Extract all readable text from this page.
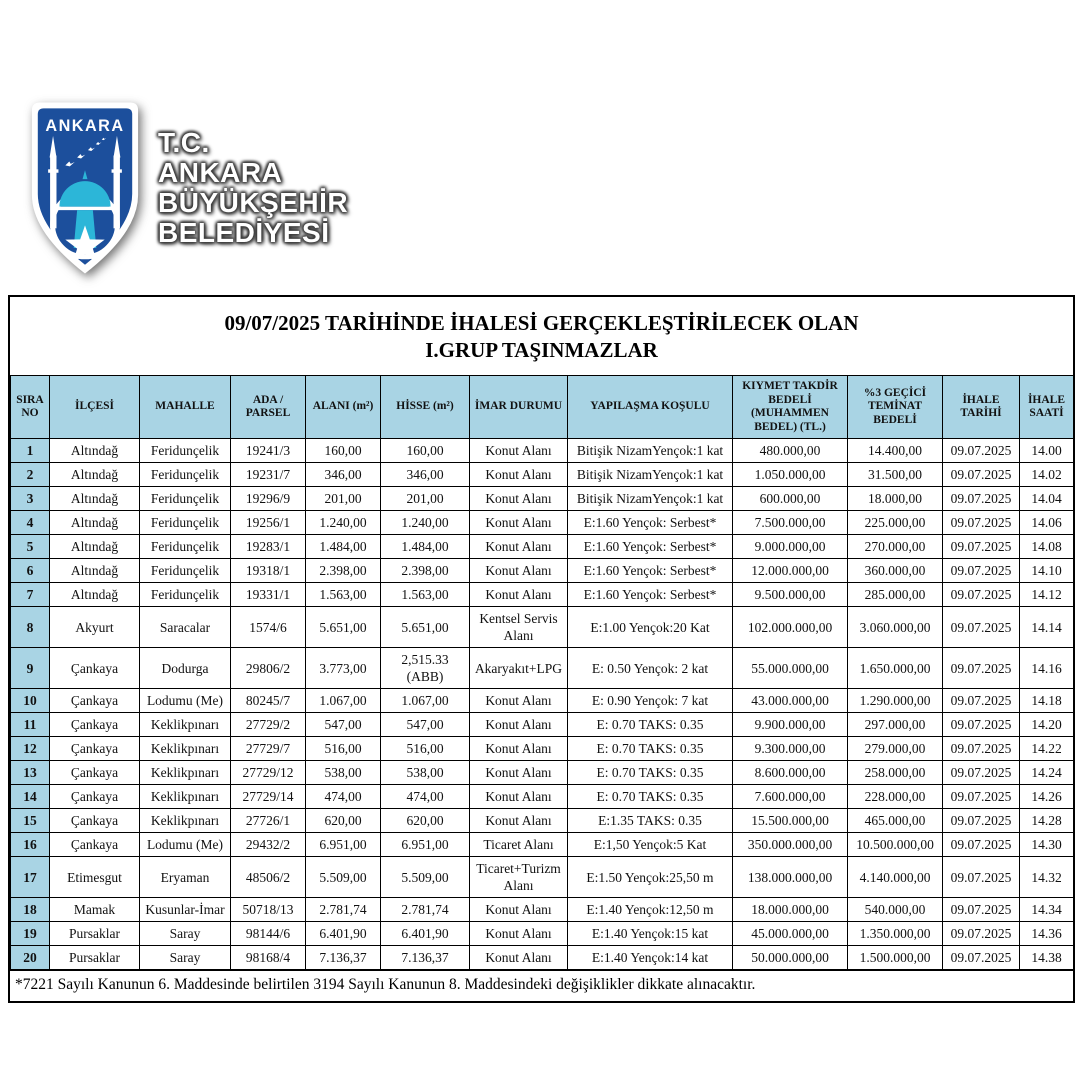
ANKARA
T.C.
ANKARA
BÜYÜKŞEHİR
BELEDİYESİ
09/07/2025 TARİHİNDE İHALESİ GERÇEKLEŞTİRİLECEK OLAN
I.GRUP TAŞINMAZLAR
SIRA NO	İLÇESİ	MAHALLE	ADA / PARSEL	ALANI (m²)	HİSSE (m²)	İMAR DURUMU	YAPILAŞMA KOŞULU	KIYMET TAKDİR BEDELİ (MUHAMMEN BEDEL) (TL.)	%3 GEÇİCİ TEMİNAT BEDELİ	İHALE TARİHİ	İHALE SAATİ
1	Altındağ	Feridunçelik	19241/3	160,00	160,00	Konut Alanı	Bitişik NizamYençok:1 kat	480.000,00	14.400,00	09.07.2025	14.00
2	Altındağ	Feridunçelik	19231/7	346,00	346,00	Konut Alanı	Bitişik NizamYençok:1 kat	1.050.000,00	31.500,00	09.07.2025	14.02
3	Altındağ	Feridunçelik	19296/9	201,00	201,00	Konut Alanı	Bitişik NizamYençok:1 kat	600.000,00	18.000,00	09.07.2025	14.04
4	Altındağ	Feridunçelik	19256/1	1.240,00	1.240,00	Konut Alanı	E:1.60 Yençok: Serbest*	7.500.000,00	225.000,00	09.07.2025	14.06
5	Altındağ	Feridunçelik	19283/1	1.484,00	1.484,00	Konut Alanı	E:1.60 Yençok: Serbest*	9.000.000,00	270.000,00	09.07.2025	14.08
6	Altındağ	Feridunçelik	19318/1	2.398,00	2.398,00	Konut Alanı	E:1.60 Yençok: Serbest*	12.000.000,00	360.000,00	09.07.2025	14.10
7	Altındağ	Feridunçelik	19331/1	1.563,00	1.563,00	Konut Alanı	E:1.60 Yençok: Serbest*	9.500.000,00	285.000,00	09.07.2025	14.12
8	Akyurt	Saracalar	1574/6	5.651,00	5.651,00	Kentsel Servis Alanı	E:1.00 Yençok:20 Kat	102.000.000,00	3.060.000,00	09.07.2025	14.14
9	Çankaya	Dodurga	29806/2	3.773,00	2,515.33 (ABB)	Akaryakıt+LPG	E: 0.50 Yençok: 2 kat	55.000.000,00	1.650.000,00	09.07.2025	14.16
10	Çankaya	Lodumu (Me)	80245/7	1.067,00	1.067,00	Konut Alanı	E: 0.90 Yençok: 7 kat	43.000.000,00	1.290.000,00	09.07.2025	14.18
11	Çankaya	Keklikpınarı	27729/2	547,00	547,00	Konut Alanı	E: 0.70 TAKS: 0.35	9.900.000,00	297.000,00	09.07.2025	14.20
12	Çankaya	Keklikpınarı	27729/7	516,00	516,00	Konut Alanı	E: 0.70 TAKS: 0.35	9.300.000,00	279.000,00	09.07.2025	14.22
13	Çankaya	Keklikpınarı	27729/12	538,00	538,00	Konut Alanı	E: 0.70 TAKS: 0.35	8.600.000,00	258.000,00	09.07.2025	14.24
14	Çankaya	Keklikpınarı	27729/14	474,00	474,00	Konut Alanı	E: 0.70 TAKS: 0.35	7.600.000,00	228.000,00	09.07.2025	14.26
15	Çankaya	Keklikpınarı	27726/1	620,00	620,00	Konut Alanı	E:1.35 TAKS: 0.35	15.500.000,00	465.000,00	09.07.2025	14.28
16	Çankaya	Lodumu (Me)	29432/2	6.951,00	6.951,00	Ticaret Alanı	E:1,50 Yençok:5 Kat	350.000.000,00	10.500.000,00	09.07.2025	14.30
17	Etimesgut	Eryaman	48506/2	5.509,00	5.509,00	Ticaret+Turizm Alanı	E:1.50 Yençok:25,50 m	138.000.000,00	4.140.000,00	09.07.2025	14.32
18	Mamak	Kusunlar-İmar	50718/13	2.781,74	2.781,74	Konut Alanı	E:1.40 Yençok:12,50 m	18.000.000,00	540.000,00	09.07.2025	14.34
19	Pursaklar	Saray	98144/6	6.401,90	6.401,90	Konut Alanı	E:1.40 Yençok:15 kat	45.000.000,00	1.350.000,00	09.07.2025	14.36
20	Pursaklar	Saray	98168/4	7.136,37	7.136,37	Konut Alanı	E:1.40 Yençok:14 kat	50.000.000,00	1.500.000,00	09.07.2025	14.38
*7221 Sayılı Kanunun 6. Maddesinde belirtilen 3194 Sayılı Kanunun 8. Maddesindeki değişiklikler dikkate alınacaktır.
